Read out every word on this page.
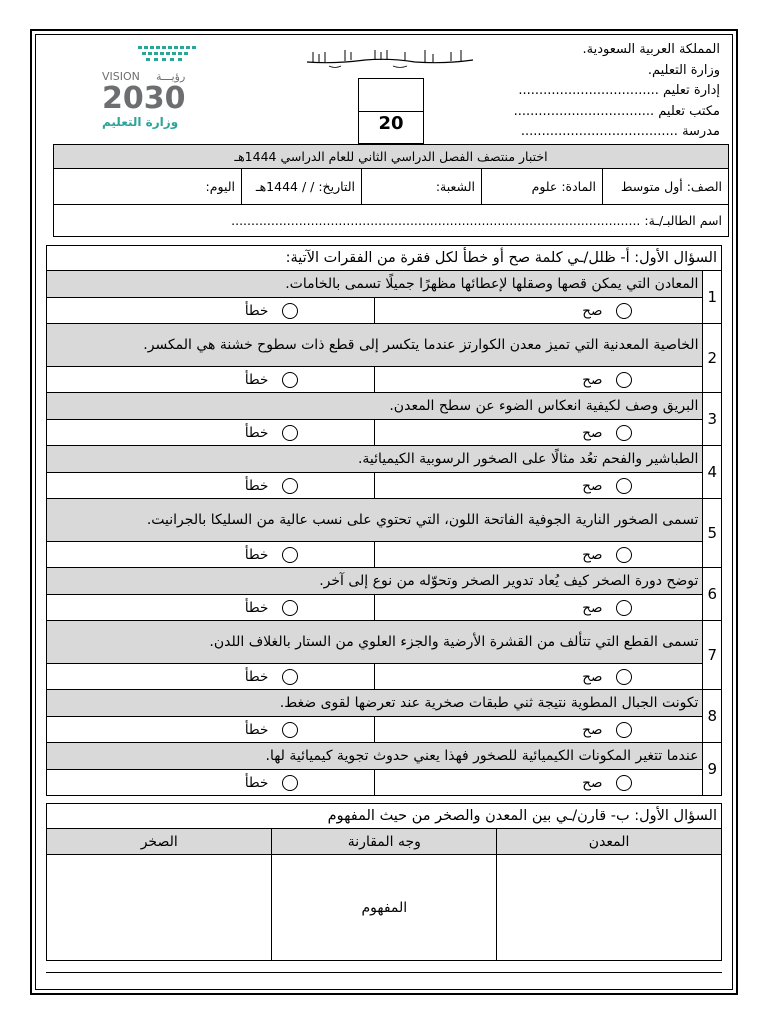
المملكة العربية السعودية.
وزارة التعليم.
إدارة تعليم ..................................
مكتب تعليم ..................................
مدرسة ......................................
VISION رؤيـــة
2030
وزارة التعليم	20
اختبار منتصف الفصل الدراسي الثاني للعام الدراسي 1444هـ
الصف: أول متوسط	المادة: علوم	الشعبة:	التاريخ: / / 1444هـ	اليوم:
اسم الطالبـ/ـة: .......................................................................................................
السؤال الأول: أ- ظلل/ـي كلمة صح أو خطأ لكل فقرة من الفقرات الآتية:		
1	المعادن التي يمكن قصها وصقلها لإعطائها مظهرًا جميلًا تسمى بالخامات.	
	صح	خطأ
2	الخاصية المعدنية التي تميز معدن الكوارتز عندما يتكسر إلى قطع ذات سطوح خشنة هي المكسر.	
	صح	خطأ
3	البريق وصف لكيفية انعكاس الضوء عن سطح المعدن.	
	صح	خطأ
4	الطباشير والفحم تعُد مثالًا على الصخور الرسوبية الكيميائية.	
	صح	خطأ
5	تسمى الصخور النارية الجوفية الفاتحة اللون، التي تحتوي على نسب عالية من السليكا بالجرانيت.	
	صح	خطأ
6	توضح دورة الصخر كيف يُعاد تدوير الصخر وتحوّله من نوع إلى آخر.	
	صح	خطأ
7	تسمى القطع التي تتألف من القشرة الأرضية والجزء العلوي من الستار بالغلاف اللدن.	
	صح	خطأ
8	تكونت الجبال المطوية نتيجة ثني طبقات صخرية عند تعرضها لقوى ضغط.	
	صح	خطأ
9	عندما تتغير المكونات الكيميائية للصخور فهذا يعني حدوث تجوية كيميائية لها.	
	صح	خطأ
السؤال الأول: ب- قارن/ـي بين المعدن والصخر من حيث المفهوم		
المعدن	وجه المقارنة	الصخر
	المفهوم	
